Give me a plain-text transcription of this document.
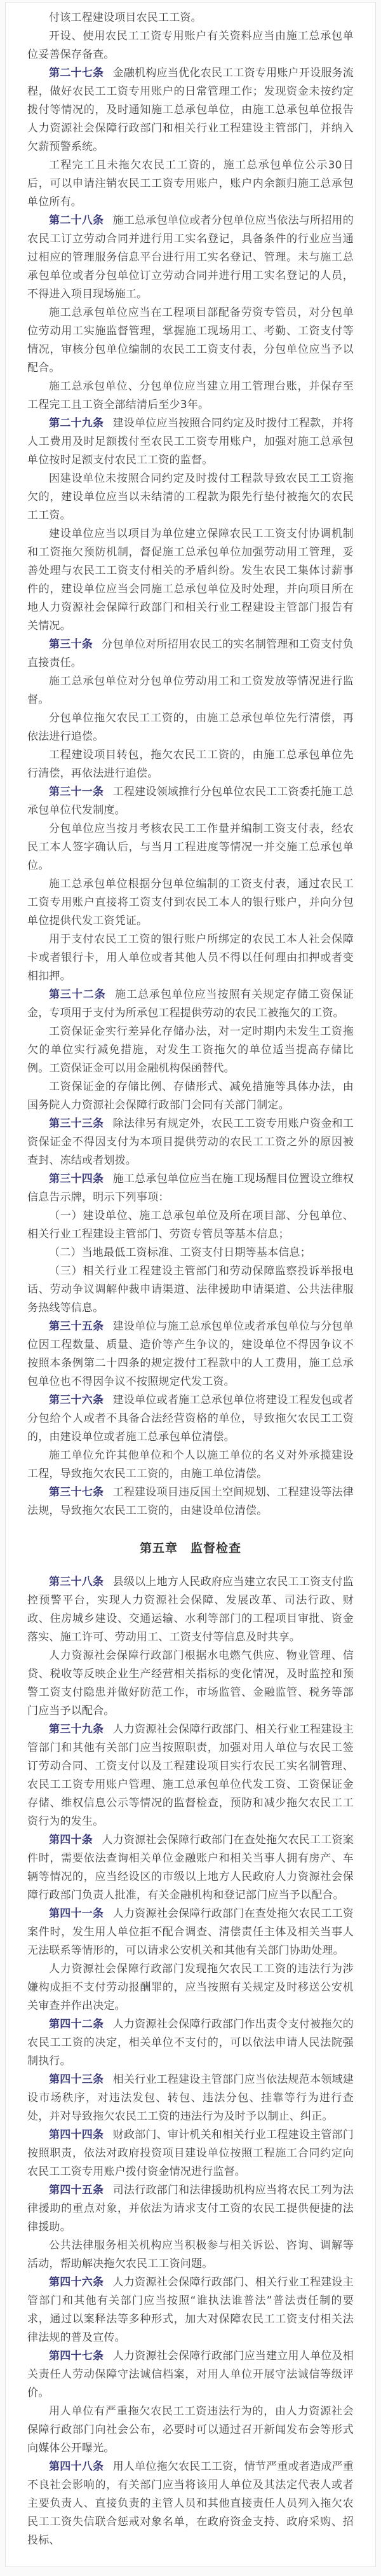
付该工程建设项目农民工工资。

开设、使用农民工工资专用账户有关资料应当由施工总承包单位妥善保存备查。

第二十七条 金融机构应当优化农民工工资专用账户开设服务流程，做好农民工工资专用账户的日常管理工作；发现资金未按约定拨付等情况的，及时通知施工总承包单位，由施工总承包单位报告人力资源社会保障行政部门和相关行业工程建设主管部门，并纳入欠薪预警系统。

工程完工且未拖欠农民工工资的，施工总承包单位公示30日后，可以申请注销农民工工资专用账户，账户内余额归施工总承包单位所有。

第二十八条 施工总承包单位或者分包单位应当依法与所招用的农民工订立劳动合同并进行用工实名登记，具备条件的行业应当通过相应的管理服务信息平台进行用工实名登记、管理。未与施工总承包单位或者分包单位订立劳动合同并进行用工实名登记的人员，不得进入项目现场施工。

施工总承包单位应当在工程项目部配备劳资专管员，对分包单位劳动用工实施监督管理，掌握施工现场用工、考勤、工资支付等情况，审核分包单位编制的农民工工资支付表，分包单位应当予以配合。

施工总承包单位、分包单位应当建立用工管理台账，并保存至工程完工且工资全部结清后至少3年。

第二十九条 建设单位应当按照合同约定及时拨付工程款，并将人工费用及时足额拨付至农民工工资专用账户，加强对施工总承包单位按时足额支付农民工工资的监督。

因建设单位未按照合同约定及时拨付工程款导致农民工工资拖欠的，建设单位应当以未结清的工程款为限先行垫付被拖欠的农民工工资。

建设单位应当以项目为单位建立保障农民工工资支付协调机制和工资拖欠预防机制，督促施工总承包单位加强劳动用工管理，妥善处理与农民工工资支付相关的矛盾纠纷。发生农民工集体讨薪事件的，建设单位应当会同施工总承包单位及时处理，并向项目所在地人力资源社会保障行政部门和相关行业工程建设主管部门报告有关情况。

第三十条 分包单位对所招用农民工的实名制管理和工资支付负直接责任。

施工总承包单位对分包单位劳动用工和工资发放等情况进行监督。

分包单位拖欠农民工工资的，由施工总承包单位先行清偿，再依法进行追偿。

工程建设项目转包，拖欠农民工工资的，由施工总承包单位先行清偿，再依法进行追偿。

第三十一条 工程建设领域推行分包单位农民工工资委托施工总承包单位代发制度。

分包单位应当按月考核农民工工作量并编制工资支付表，经农民工本人签字确认后，与当月工程进度等情况一并交施工总承包单位。

施工总承包单位根据分包单位编制的工资支付表，通过农民工工资专用账户直接将工资支付到农民工本人的银行账户，并向分包单位提供代发工资凭证。

用于支付农民工工资的银行账户所绑定的农民工本人社会保障卡或者银行卡，用人单位或者其他人员不得以任何理由扣押或者变相扣押。

第三十二条 施工总承包单位应当按照有关规定存储工资保证金，专项用于支付为所承包工程提供劳动的农民工被拖欠的工资。

工资保证金实行差异化存储办法，对一定时期内未发生工资拖欠的单位实行减免措施，对发生工资拖欠的单位适当提高存储比例。工资保证金可以用金融机构保函替代。

工资保证金的存储比例、存储形式、减免措施等具体办法，由国务院人力资源社会保障行政部门会同有关部门制定。

第三十三条 除法律另有规定外，农民工工资专用账户资金和工资保证金不得因支付为本项目提供劳动的农民工工资之外的原因被查封、冻结或者划拨。

第三十四条 施工总承包单位应当在施工现场醒目位置设立维权信息告示牌，明示下列事项：

（一）建设单位、施工总承包单位及所在项目部、分包单位、相关行业工程建设主管部门、劳资专管员等基本信息；

（二）当地最低工资标准、工资支付日期等基本信息；

（三）相关行业工程建设主管部门和劳动保障监察投诉举报电话、劳动争议调解仲裁申请渠道、法律援助申请渠道、公共法律服务热线等信息。

第三十五条 建设单位与施工总承包单位或者承包单位与分包单位因工程数量、质量、造价等产生争议的，建设单位不得因争议不按照本条例第二十四条的规定拨付工程款中的人工费用，施工总承包单位也不得因争议不按照规定代发工资。

第三十六条 建设单位或者施工总承包单位将建设工程发包或者分包给个人或者不具备合法经营资格的单位，导致拖欠农民工工资的，由建设单位或者施工总承包单位清偿。

施工单位允许其他单位和个人以施工单位的名义对外承揽建设工程，导致拖欠农民工工资的，由施工单位清偿。

第三十七条 工程建设项目违反国土空间规划、工程建设等法律法规，导致拖欠农民工工资的，由建设单位清偿。

第五章　监督检查

第三十八条 县级以上地方人民政府应当建立农民工工资支付监控预警平台，实现人力资源社会保障、发展改革、司法行政、财政、住房城乡建设、交通运输、水利等部门的工程项目审批、资金落实、施工许可、劳动用工、工资支付等信息及时共享。

人力资源社会保障行政部门根据水电燃气供应、物业管理、信贷、税收等反映企业生产经营相关指标的变化情况，及时监控和预警工资支付隐患并做好防范工作，市场监管、金融监管、税务等部门应当予以配合。

第三十九条 人力资源社会保障行政部门、相关行业工程建设主管部门和其他有关部门应当按照职责，加强对用人单位与农民工签订劳动合同、工资支付以及工程建设项目实行农民工实名制管理、农民工工资专用账户管理、施工总承包单位代发工资、工资保证金存储、维权信息公示等情况的监督检查，预防和减少拖欠农民工工资行为的发生。

第四十条 人力资源社会保障行政部门在查处拖欠农民工工资案件时，需要依法查询相关单位金融账户和相关当事人拥有房产、车辆等情况的，应当经设区的市级以上地方人民政府人力资源社会保障行政部门负责人批准，有关金融机构和登记部门应当予以配合。

第四十一条 人力资源社会保障行政部门在查处拖欠农民工工资案件时，发生用人单位拒不配合调查、清偿责任主体及相关当事人无法联系等情形的，可以请求公安机关和其他有关部门协助处理。

人力资源社会保障行政部门发现拖欠农民工工资的违法行为涉嫌构成拒不支付劳动报酬罪的，应当按照有关规定及时移送公安机关审查并作出决定。

第四十二条 人力资源社会保障行政部门作出责令支付被拖欠的农民工工资的决定，相关单位不支付的，可以依法申请人民法院强制执行。

第四十三条 相关行业工程建设主管部门应当依法规范本领域建设市场秩序，对违法发包、转包、违法分包、挂靠等行为进行查处，并对导致拖欠农民工工资的违法行为及时予以制止、纠正。

第四十四条 财政部门、审计机关和相关行业工程建设主管部门按照职责，依法对政府投资项目建设单位按照工程施工合同约定向农民工工资专用账户拨付资金情况进行监督。

第四十五条 司法行政部门和法律援助机构应当将农民工列为法律援助的重点对象，并依法为请求支付工资的农民工提供便捷的法律援助。

公共法律服务相关机构应当积极参与相关诉讼、咨询、调解等活动，帮助解决拖欠农民工工资问题。

第四十六条 人力资源社会保障行政部门、相关行业工程建设主管部门和其他有关部门应当按照“谁执法谁普法”普法责任制的要求，通过以案释法等多种形式，加大对保障农民工工资支付相关法律法规的普及宣传。

第四十七条 人力资源社会保障行政部门应当建立用人单位及相关责任人劳动保障守法诚信档案，对用人单位开展守法诚信等级评价。

用人单位有严重拖欠农民工工资违法行为的，由人力资源社会保障行政部门向社会公布，必要时可以通过召开新闻发布会等形式向媒体公开曝光。

第四十八条 用人单位拖欠农民工工资，情节严重或者造成严重不良社会影响的，有关部门应当将该用人单位及其法定代表人或者主要负责人、直接负责的主管人员和其他直接责任人员列入拖欠农民工工资失信联合惩戒对象名单，在政府资金支持、政府采购、招投标、
